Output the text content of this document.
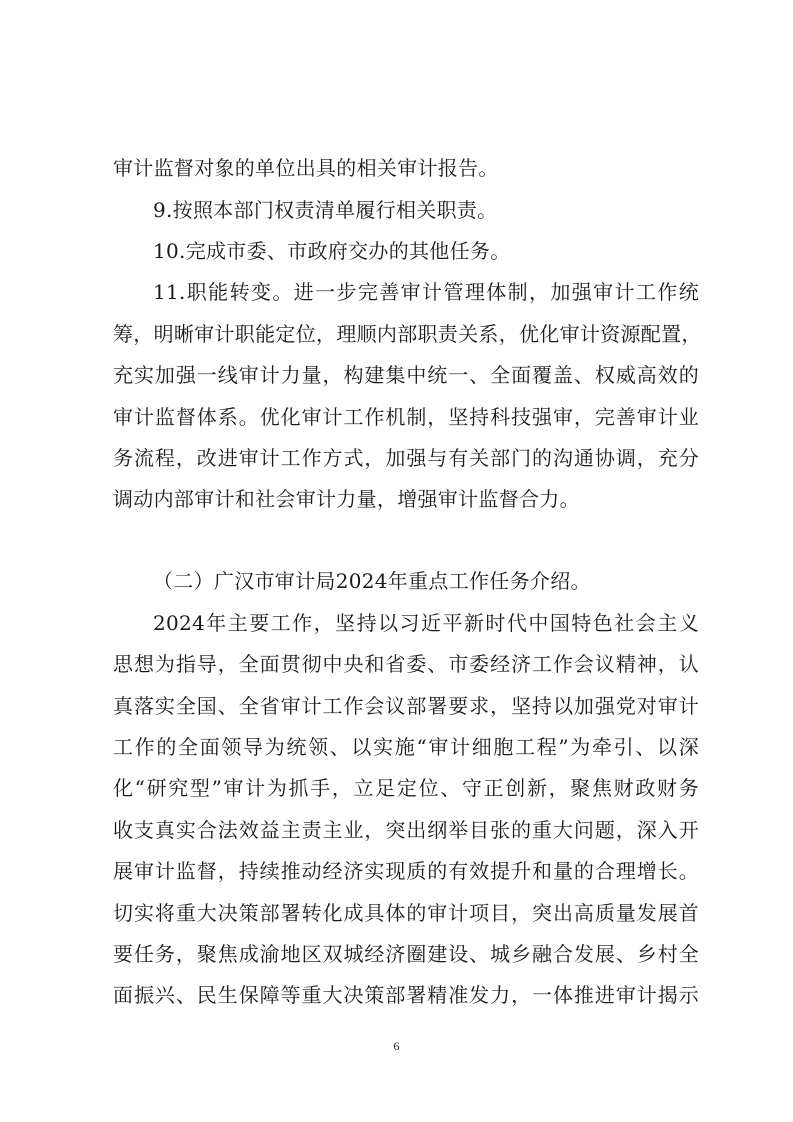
审计监督对象的单位出具的相关审计报告。
9.按照本部门权责清单履行相关职责。
10.完成市委、市政府交办的其他任务。
11.职能转变。进一步完善审计管理体制，加强审计工作统
筹，明晰审计职能定位，理顺内部职责关系，优化审计资源配置，
充实加强一线审计力量，构建集中统一、全面覆盖、权威高效的
审计监督体系。优化审计工作机制，坚持科技强审，完善审计业
务流程，改进审计工作方式，加强与有关部门的沟通协调，充分
调动内部审计和社会审计力量，增强审计监督合力。
（二）广汉市审计局2024年重点工作任务介绍。
2024年主要工作，坚持以习近平新时代中国特色社会主义
思想为指导，全面贯彻中央和省委、市委经济工作会议精神，认
真落实全国、全省审计工作会议部署要求，坚持以加强党对审计
工作的全面领导为统领、以实施“审计细胞工程”为牵引、以深
化“研究型”审计为抓手，立足定位、守正创新，聚焦财政财务
收支真实合法效益主责主业，突出纲举目张的重大问题，深入开
展审计监督，持续推动经济实现质的有效提升和量的合理增长。
切实将重大决策部署转化成具体的审计项目，突出高质量发展首
要任务，聚焦成渝地区双城经济圈建设、城乡融合发展、乡村全
面振兴、民生保障等重大决策部署精准发力，一体推进审计揭示
6
